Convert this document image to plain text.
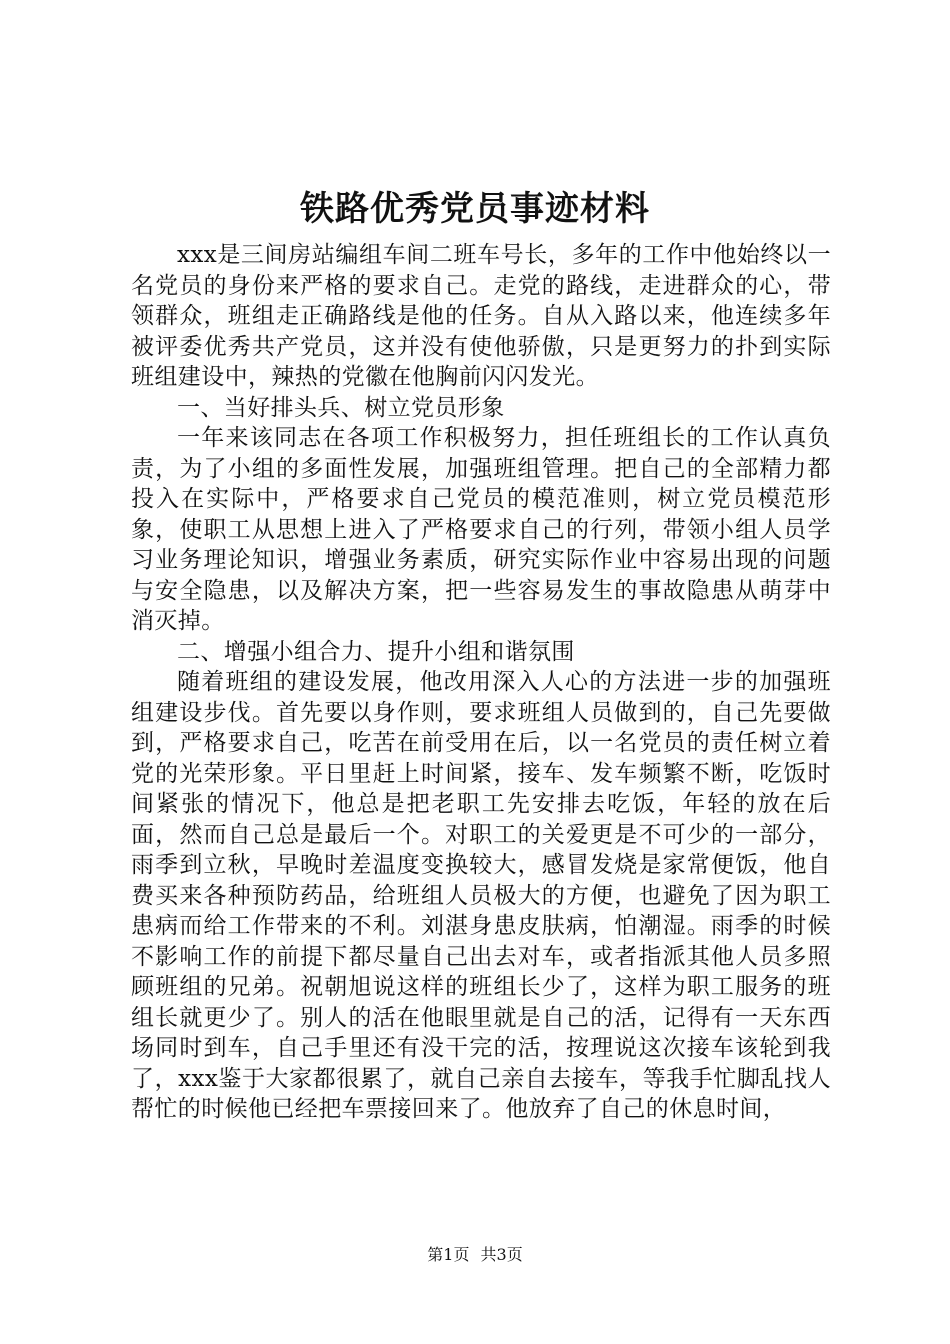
铁路优秀党员事迹材料

xxx是三间房站编组车间二班车号长，多年的工作中他始终以一名党员的身份来严格的要求自己。走党的路线，走进群众的心，带领群众，班组走正确路线是他的任务。自从入路以来，他连续多年被评委优秀共产党员，这并没有使他骄傲，只是更努力的扑到实际班组建设中，辣热的党徽在他胸前闪闪发光。

一、当好排头兵、树立党员形象

一年来该同志在各项工作积极努力，担任班组长的工作认真负责，为了小组的多面性发展，加强班组管理。把自己的全部精力都投入在实际中，严格要求自己党员的模范准则，树立党员模范形象，使职工从思想上进入了严格要求自己的行列，带领小组人员学习业务理论知识，增强业务素质，研究实际作业中容易出现的问题与安全隐患，以及解决方案，把一些容易发生的事故隐患从萌芽中消灭掉。

二、增强小组合力、提升小组和谐氛围

随着班组的建设发展，他改用深入人心的方法进一步的加强班组建设步伐。首先要以身作则，要求班组人员做到的，自己先要做到，严格要求自己，吃苦在前受用在后，以一名党员的责任树立着党的光荣形象。平日里赶上时间紧，接车、发车频繁不断，吃饭时间紧张的情况下，他总是把老职工先安排去吃饭，年轻的放在后面，然而自己总是最后一个。对职工的关爱更是不可少的一部分，雨季到立秋，早晚时差温度变换较大，感冒发烧是家常便饭，他自费买来各种预防药品，给班组人员极大的方便，也避免了因为职工患病而给工作带来的不利。刘湛身患皮肤病，怕潮湿。雨季的时候不影响工作的前提下都尽量自己出去对车，或者指派其他人员多照顾班组的兄弟。祝朝旭说这样的班组长少了，这样为职工服务的班组长就更少了。别人的活在他眼里就是自己的活，记得有一天东西场同时到车，自己手里还有没干完的活，按理说这次接车该轮到我了，xxx鉴于大家都很累了，就自己亲自去接车，等我手忙脚乱找人帮忙的时候他已经把车票接回来了。他放弃了自己的休息时间，

第1页 共3页
